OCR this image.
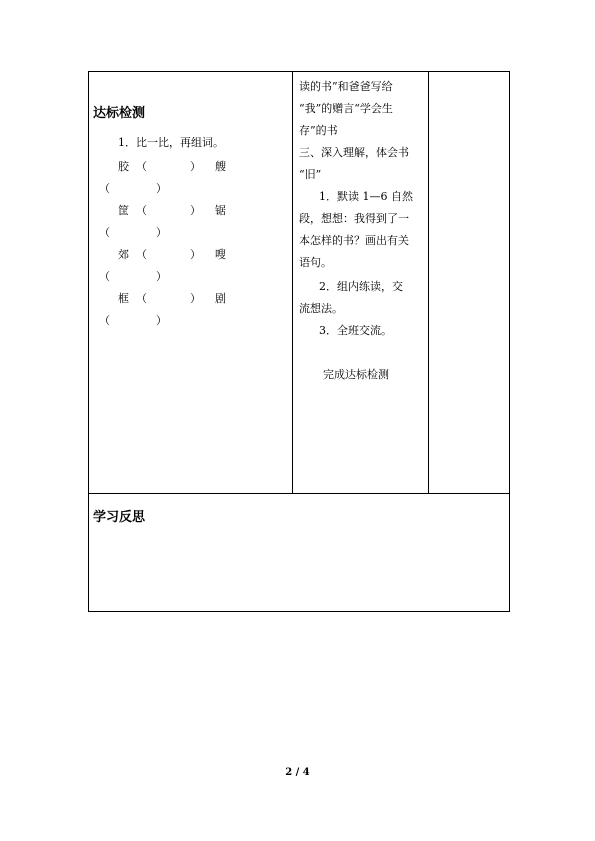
达标检测
1．比一比，再组词。
胶 （	） 艘
（	）
筐 （	） 锯
（	）
郊 （	） 嗖
（	）
框 （	） 剧
（	）

读的书”和爸爸写给
“我”的赠言“学会生
存”的书
三、深入理解，体会书
“旧”
1．默读 1—6 自然
段，想想：我得到了一
本怎样的书？画出有关
语句。
2．组内练读，交
流想法。
3．全班交流。
完成达标检测

学习反思
2 / 4
